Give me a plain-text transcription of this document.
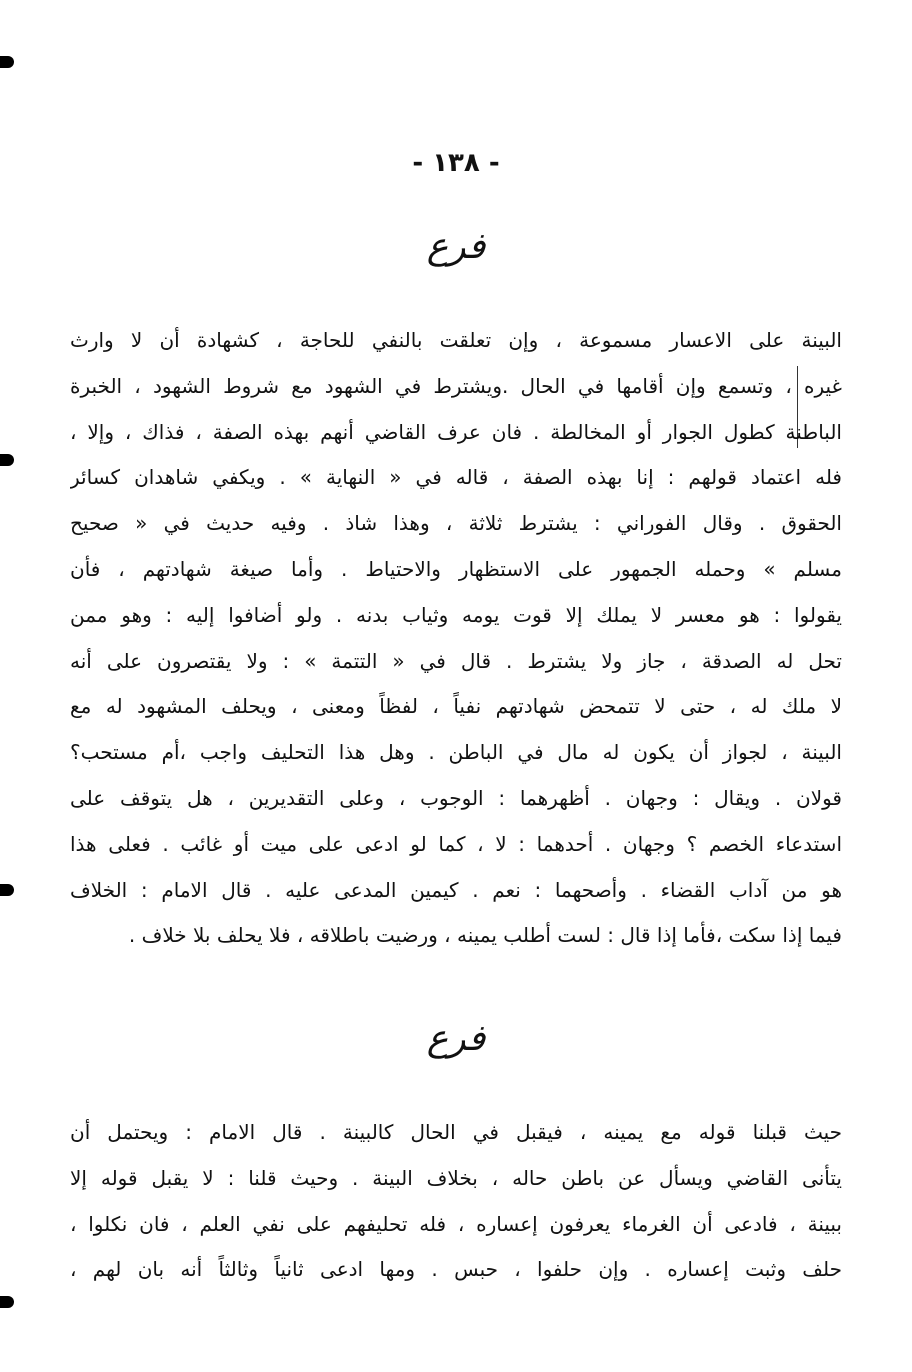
- ١٣٨ -
فرع
البينة على الاعسار مسموعة ، وإن تعلقت بالنفي للحاجة ، كشهادة أن لا وارث
غيره ، وتسمع وإن أقامها في الحال .ويشترط في الشهود مع شروط الشهود ، الخبرة
الباطنة كطول الجوار أو المخالطة . فان عرف القاضي أنهم بهذه الصفة ، فذاك ، وإلا ،
فله اعتماد قولهم : إنا بهذه الصفة ، قاله في « النهاية » . ويكفي شاهدان كسائر
الحقوق . وقال الفوراني : يشترط ثلاثة ، وهذا شاذ . وفيه حديث في « صحيح
مسلم » وحمله الجمهور على الاستظهار والاحتياط . وأما صيغة شهادتهم ، فأن
يقولوا : هو معسر لا يملك إلا قوت يومه وثياب بدنه . ولو أضافوا إليه : وهو ممن
تحل له الصدقة ، جاز ولا يشترط . قال في « التتمة » : ولا يقتصرون على أنه
لا ملك له ، حتى لا تتمحض شهادتهم نفياً ، لفظاً ومعنى ، ويحلف المشهود له مع
البينة ، لجواز أن يكون له مال في الباطن . وهل هذا التحليف واجب ،أم مستحب؟
قولان . ويقال : وجهان . أظهرهما : الوجوب ، وعلى التقديرين ، هل يتوقف على
استدعاء الخصم ؟ وجهان . أحدهما : لا ، كما لو ادعى على ميت أو غائب . فعلى هذا
هو من آداب القضاء . وأصحهما : نعم . كيمين المدعى عليه . قال الامام : الخلاف
فيما إذا سكت ،فأما إذا قال : لست أطلب يمينه ، ورضيت باطلاقه ، فلا يحلف بلا خلاف .
فرع
حيث قبلنا قوله مع يمينه ، فيقبل في الحال كالبينة . قال الامام : ويحتمل أن
يتأنى القاضي ويسأل عن باطن حاله ، بخلاف البينة . وحيث قلنا : لا يقبل قوله إلا
ببينة ، فادعى أن الغرماء يعرفون إعساره ، فله تحليفهم على نفي العلم ، فان نكلوا ،
حلف وثبت إعساره . وإن حلفوا ، حبس . ومها ادعى ثانياً وثالثاً أنه بان لهم ،
